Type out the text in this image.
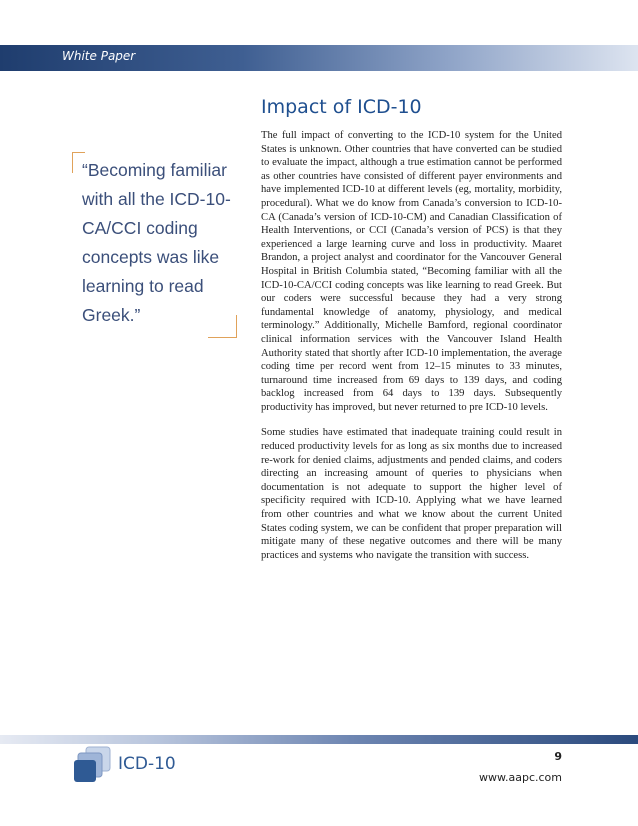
White Paper

“Becoming familiar with all the ICD-10-CA/CCI coding concepts was like learning to read Greek.”

Impact of ICD-10

The full impact of converting to the ICD-10 system for the United States is unknown. Other countries that have converted can be studied to evaluate the impact, although a true estimation cannot be performed as other countries have consisted of different payer environments and have implemented ICD-10 at different levels (eg, mortality, morbidity, procedural). What we do know from Canada’s conversion to ICD-10-CA (Canada’s version of ICD-10-CM) and Canadian Classification of Health Interventions, or CCI (Canada’s version of PCS) is that they experienced a large learning curve and loss in productivity. Maaret Brandon, a project analyst and coordinator for the Vancouver General Hospital in British Columbia stated, “Becoming familiar with all the ICD-10-CA/CCI coding concepts was like learning to read Greek. But our coders were successful because they had a very strong fundamental knowledge of anatomy, physiology, and medical terminology.” Additionally, Michelle Bamford, regional coordinator clinical information services with the Vancouver Island Health Authority stated that shortly after ICD-10 implementation, the average coding time per record went from 12–15 minutes to 33 minutes, turnaround time increased from 69 days to 139 days, and coding backlog increased from 64 days to 139 days. Subsequently productivity has improved, but never returned to pre ICD-10 levels.

Some studies have estimated that inadequate training could result in reduced productivity levels for as long as six months due to increased re-work for denied claims, adjustments and pended claims, and coders directing an increasing amount of queries to physicians when documentation is not adequate to support the higher level of specificity required with ICD-10. Applying what we have learned from other countries and what we know about the current United States coding system, we can be confident that proper preparation will mitigate many of these negative outcomes and there will be many practices and systems who navigate the transition with success.

ICD-10	9
www.aapc.com
